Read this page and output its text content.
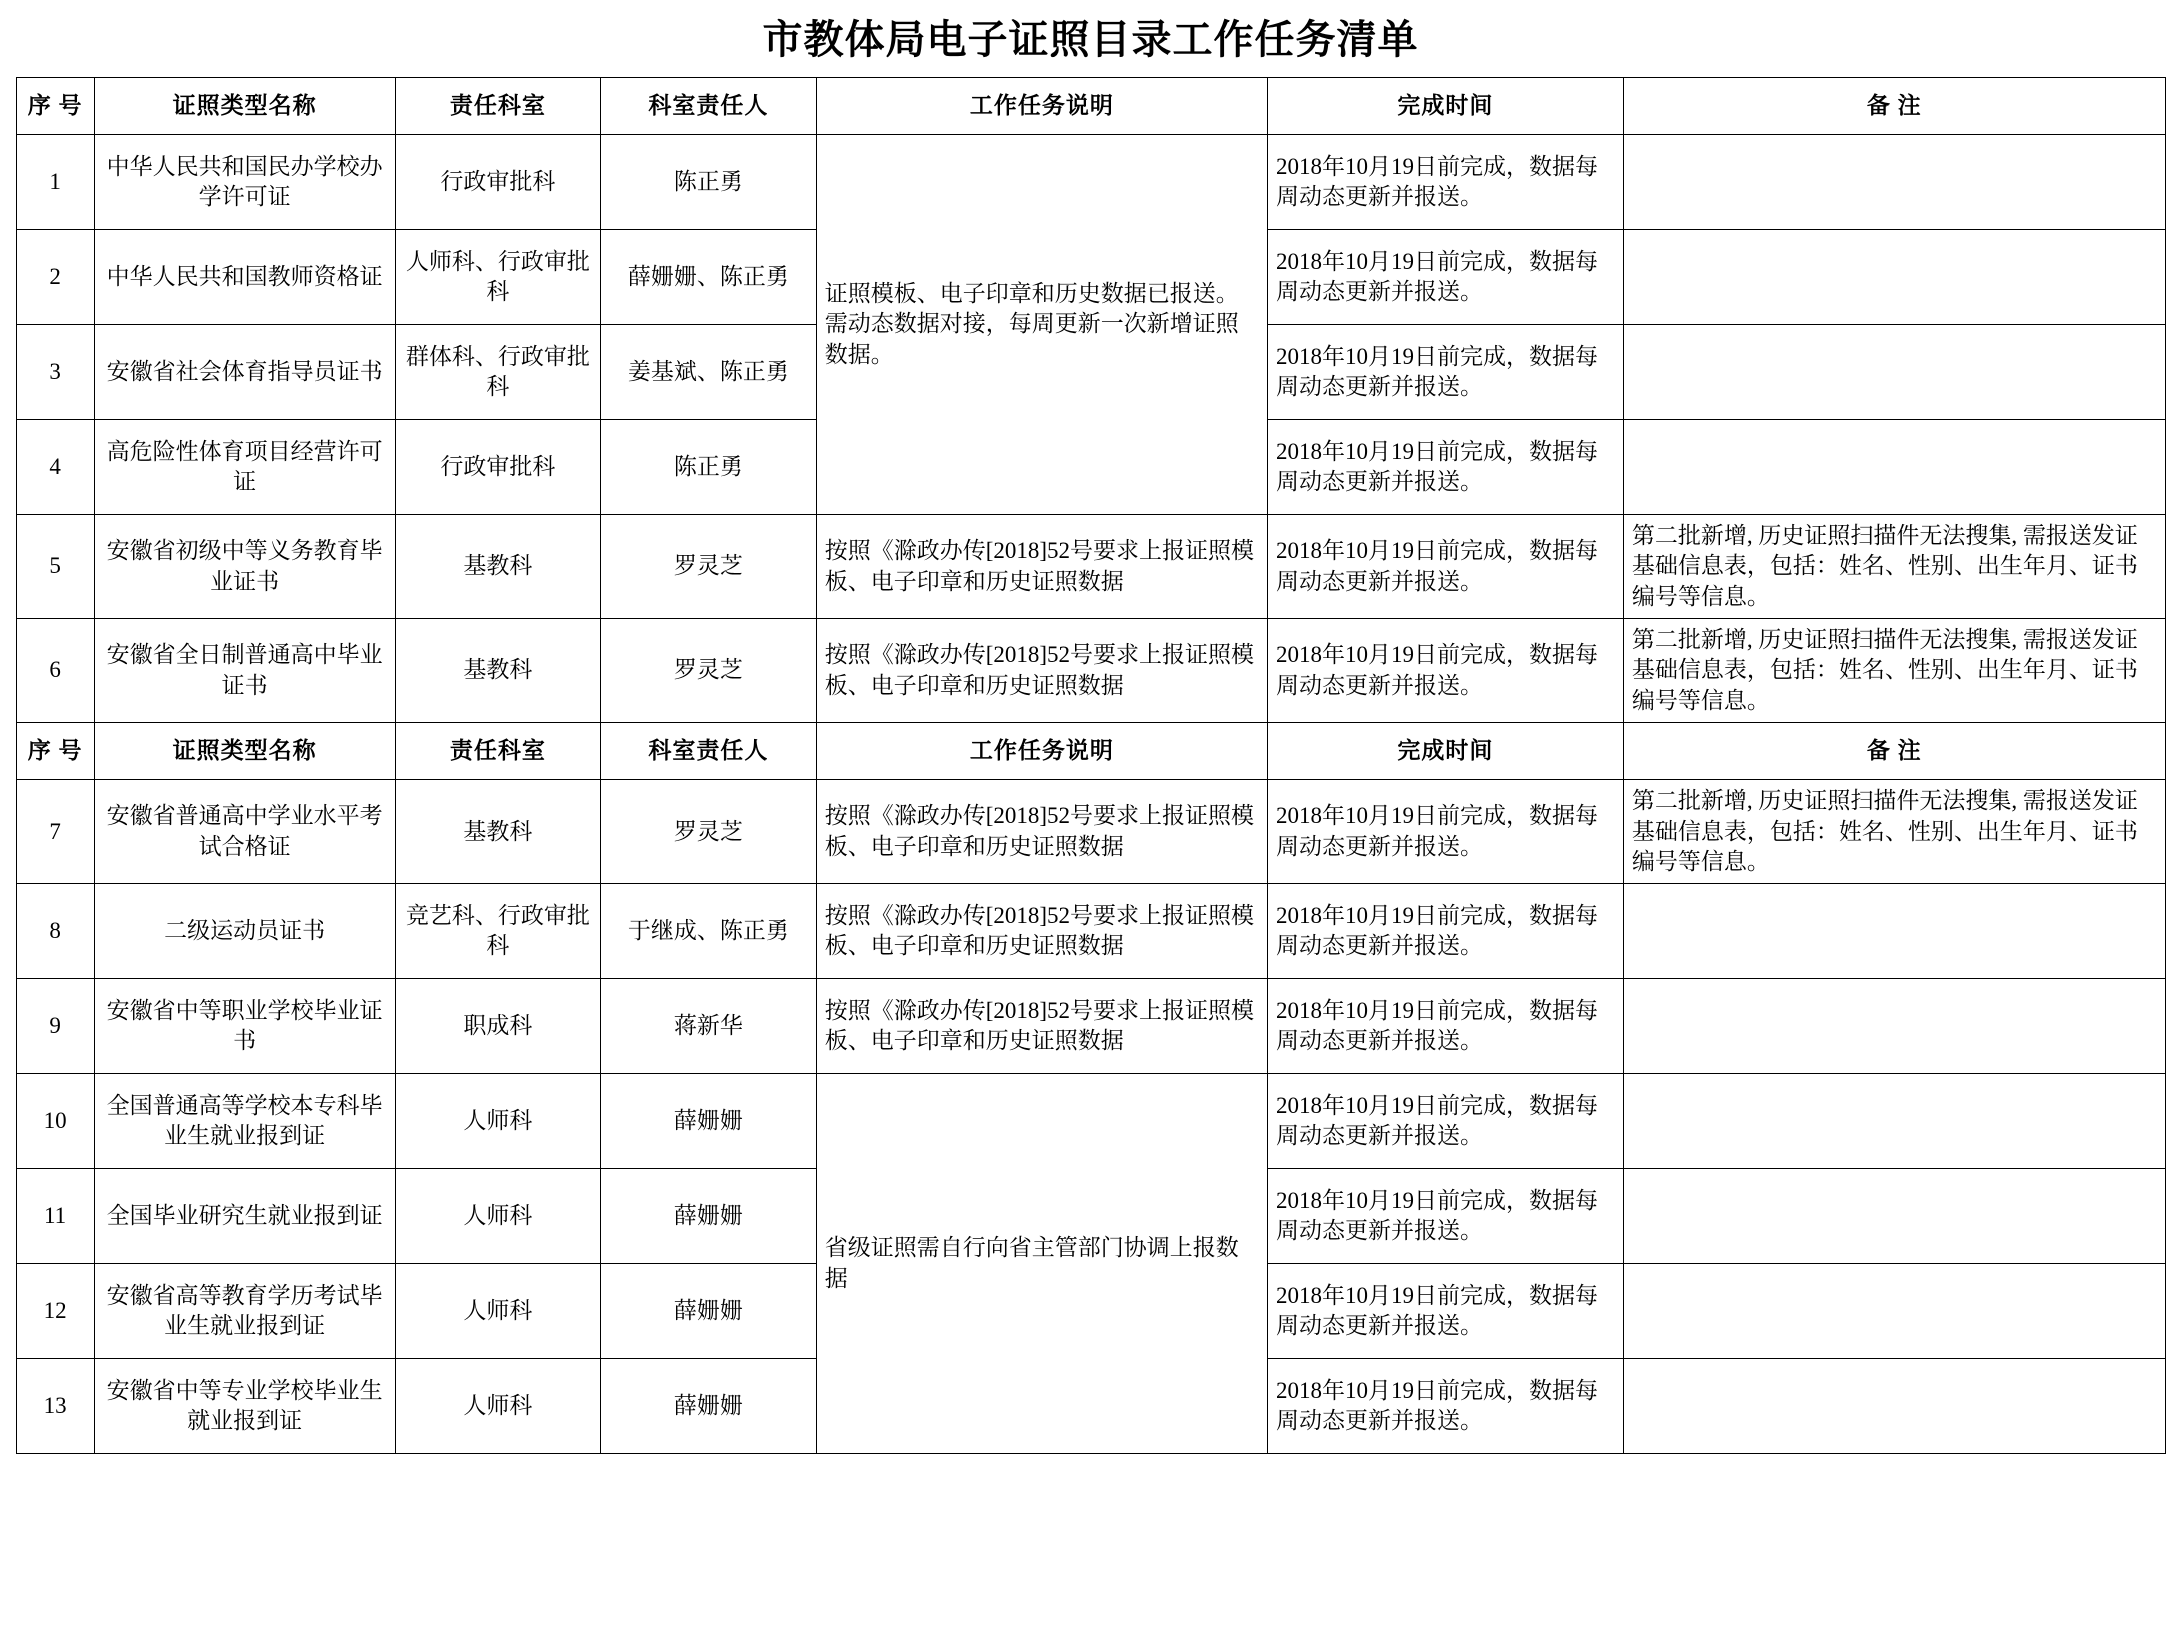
市教体局电子证照目录工作任务清单
序 号	证照类型名称	责任科室	科室责任人	工作任务说明	完成时间	备 注
1	中华人民共和国民办学校办学许可证	行政审批科	陈正勇	证照模板、电子印章和历史数据已报送。需动态数据对接，每周更新一次新增证照数据。	2018年10月19日前完成，数据每周动态更新并报送。	
2	中华人民共和国教师资格证	人师科、行政审批科	薛姗姗、陈正勇		2018年10月19日前完成，数据每周动态更新并报送。	
3	安徽省社会体育指导员证书	群体科、行政审批科	姜基斌、陈正勇		2018年10月19日前完成，数据每周动态更新并报送。	
4	高危险性体育项目经营许可证	行政审批科	陈正勇		2018年10月19日前完成，数据每周动态更新并报送。	
5	安徽省初级中等义务教育毕业证书	基教科	罗灵芝	按照《滁政办传[2018]52号要求上报证照模板、电子印章和历史证照数据	2018年10月19日前完成，数据每周动态更新并报送。	第二批新增, 历史证照扫描件无法搜集, 需报送发证基础信息表，包括：姓名、性别、出生年月、证书编号等信息。
6	安徽省全日制普通高中毕业证书	基教科	罗灵芝	按照《滁政办传[2018]52号要求上报证照模板、电子印章和历史证照数据	2018年10月19日前完成，数据每周动态更新并报送。	第二批新增, 历史证照扫描件无法搜集, 需报送发证基础信息表，包括：姓名、性别、出生年月、证书编号等信息。
序 号	证照类型名称	责任科室	科室责任人	工作任务说明	完成时间	备 注
7	安徽省普通高中学业水平考试合格证	基教科	罗灵芝	按照《滁政办传[2018]52号要求上报证照模板、电子印章和历史证照数据	2018年10月19日前完成，数据每周动态更新并报送。	第二批新增, 历史证照扫描件无法搜集, 需报送发证基础信息表，包括：姓名、性别、出生年月、证书编号等信息。
8	二级运动员证书	竞艺科、行政审批科	于继成、陈正勇	按照《滁政办传[2018]52号要求上报证照模板、电子印章和历史证照数据	2018年10月19日前完成，数据每周动态更新并报送。	
9	安徽省中等职业学校毕业证书	职成科	蒋新华	按照《滁政办传[2018]52号要求上报证照模板、电子印章和历史证照数据	2018年10月19日前完成，数据每周动态更新并报送。	
10	全国普通高等学校本专科毕业生就业报到证	人师科	薛姗姗	省级证照需自行向省主管部门协调上报数据	2018年10月19日前完成，数据每周动态更新并报送。	
11	全国毕业研究生就业报到证	人师科	薛姗姗		2018年10月19日前完成，数据每周动态更新并报送。	
12	安徽省高等教育学历考试毕业生就业报到证	人师科	薛姗姗		2018年10月19日前完成，数据每周动态更新并报送。	
13	安徽省中等专业学校毕业生就业报到证	人师科	薛姗姗		2018年10月19日前完成，数据每周动态更新并报送。	
